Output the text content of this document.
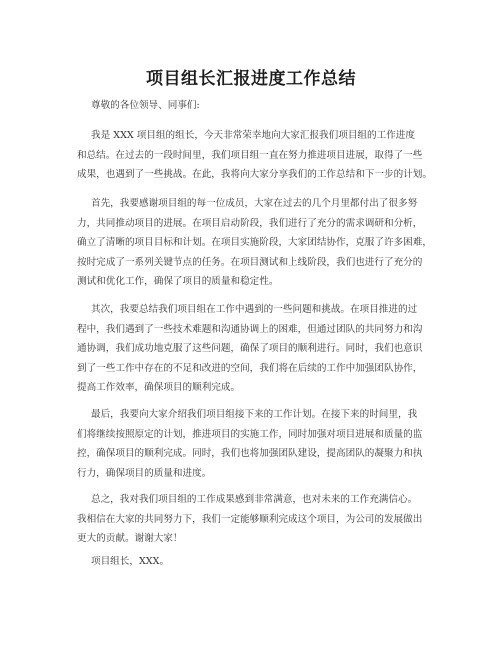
项目组长汇报进度工作总结
尊敬的各位领导、同事们:
我是 XXX 项目组的组长，今天非常荣幸地向大家汇报我们项目组的工作进度
和总结。在过去的一段时间里，我们项目组一直在努力推进项目进展，取得了一些
成果，也遇到了一些挑战。在此，我将向大家分享我们的工作总结和下一步的计划。
首先，我要感谢项目组的每一位成员，大家在过去的几个月里都付出了很多努
力，共同推动项目的进展。在项目启动阶段，我们进行了充分的需求调研和分析，
确立了清晰的项目目标和计划。在项目实施阶段，大家团结协作，克服了许多困难，
按时完成了一系列关键节点的任务。在项目测试和上线阶段，我们也进行了充分的
测试和优化工作，确保了项目的质量和稳定性。
其次，我要总结我们项目组在工作中遇到的一些问题和挑战。在项目推进的过
程中，我们遇到了一些技术难题和沟通协调上的困难，但通过团队的共同努力和沟
通协调，我们成功地克服了这些问题，确保了项目的顺利进行。同时，我们也意识
到了一些工作中存在的不足和改进的空间，我们将在后续的工作中加强团队协作，
提高工作效率，确保项目的顺利完成。
最后，我要向大家介绍我们项目组接下来的工作计划。在接下来的时间里，我
们将继续按照原定的计划，推进项目的实施工作，同时加强对项目进展和质量的监
控，确保项目的顺利完成。同时，我们也将加强团队建设，提高团队的凝聚力和执
行力，确保项目的质量和进度。
总之，我对我们项目组的工作成果感到非常满意，也对未来的工作充满信心。
我相信在大家的共同努力下，我们一定能够顺利完成这个项目，为公司的发展做出
更大的贡献。谢谢大家！
项目组长，XXX。
